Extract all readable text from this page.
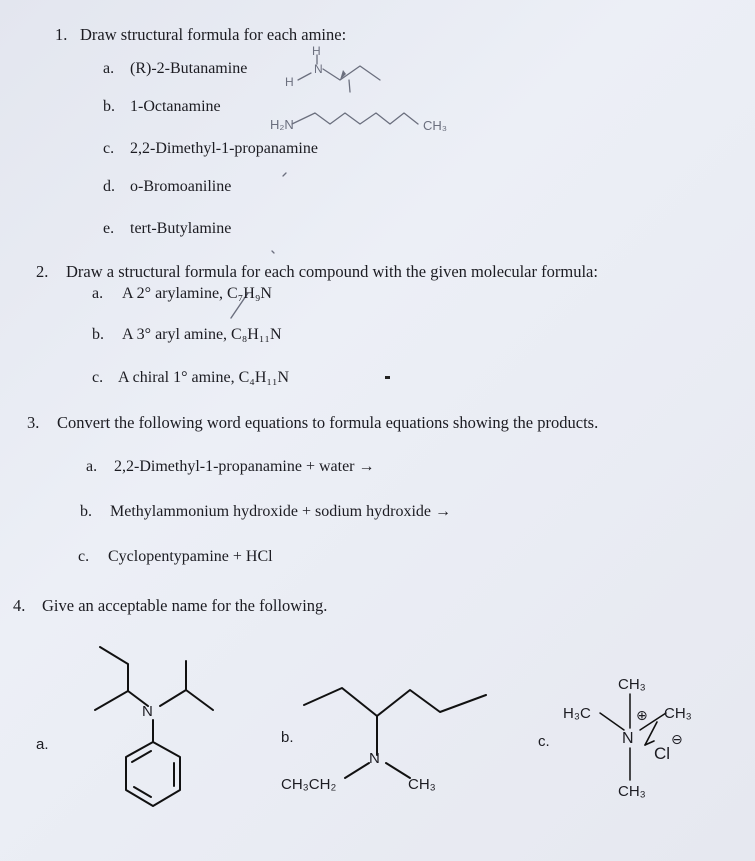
1. Draw structural formula for each amine:
a. (R)-2-Butanamine
b. 1-Octanamine
c. 2,2-Dimethyl-1-propanamine
d. o-Bromoaniline
e. tert-Butylamine
H
N
H
H₂N	CH₃
2. Draw a structural formula for each compound with the given molecular formula:
a. A 2° arylamine, C₇H₉N
b. A 3° aryl amine, C₈H₁₁N
c. A chiral 1° amine, C₄H₁₁N
3. Convert the following word equations to formula equations showing the products.
a. 2,2-Dimethyl-1-propanamine + water →
b. Methylammonium hydroxide + sodium hydroxide →
c. Cyclopentypamine + HCl
4. Give an acceptable name for the following.
N
a.	b.
N
CH₃CH₂	CH₃
c.
CH₃
H₃C	CH₃
⊕
N
Cl
⊖
CH₃
